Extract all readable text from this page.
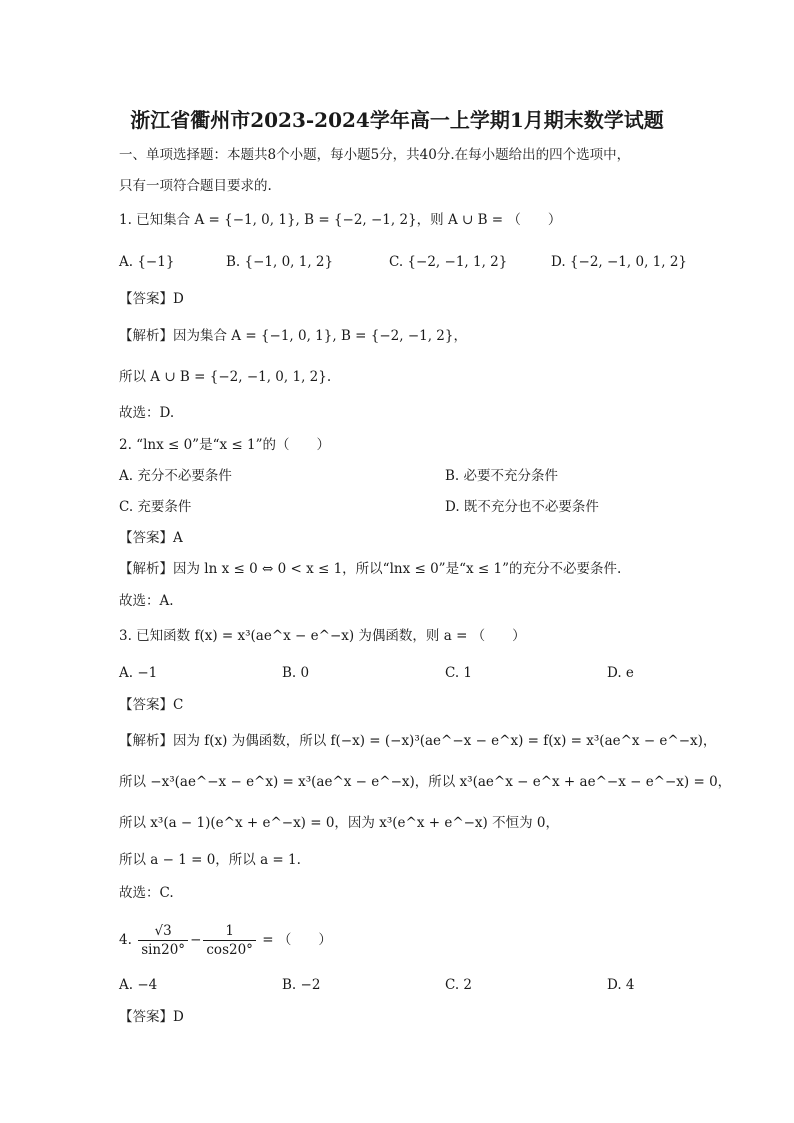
浙江省衢州市2023-2024学年高一上学期1月期末数学试题
一、单项选择题：本题共8个小题，每小题5分，共40分.在每小题给出的四个选项中，
只有一项符合题目要求的.
1. 已知集合 A = {−1, 0, 1}, B = {−2, −1, 2}，则 A ∪ B = （　　）
A. {−1}	B. {−1, 0, 1, 2}	C. {−2, −1, 1, 2}	D. {−2, −1, 0, 1, 2}
【答案】D
【解析】因为集合 A = {−1, 0, 1}, B = {−2, −1, 2}，
所以 A ∪ B = {−2, −1, 0, 1, 2}.
故选：D.
2. “lnx ≤ 0”是“x ≤ 1”的（　　）
A. 充分不必要条件	B. 必要不充分条件
C. 充要条件	D. 既不充分也不必要条件
【答案】A
【解析】因为 ln x ≤ 0 ⇔ 0 < x ≤ 1，所以“lnx ≤ 0”是“x ≤ 1”的充分不必要条件.
故选：A.
3. 已知函数 f(x) = x³(ae^x − e^−x) 为偶函数，则 a = （　　）
A. −1	B. 0	C. 1	D. e
【答案】C
【解析】因为 f(x) 为偶函数，所以 f(−x) = (−x)³(ae^−x − e^x) = f(x) = x³(ae^x − e^−x)，
所以 −x³(ae^−x − e^x) = x³(ae^x − e^−x)，所以 x³(ae^x − e^x + ae^−x − e^−x) = 0，
所以 x³(a − 1)(e^x + e^−x) = 0，因为 x³(e^x + e^−x) 不恒为 0，
所以 a − 1 = 0，所以 a = 1.
故选：C.
4. $\frac{√3}{\sin 20^\circ} - \frac{1}{\cos 20^\circ}$ = （　　）
A. −4	B. −2	C. 2	D. 4
【答案】D
